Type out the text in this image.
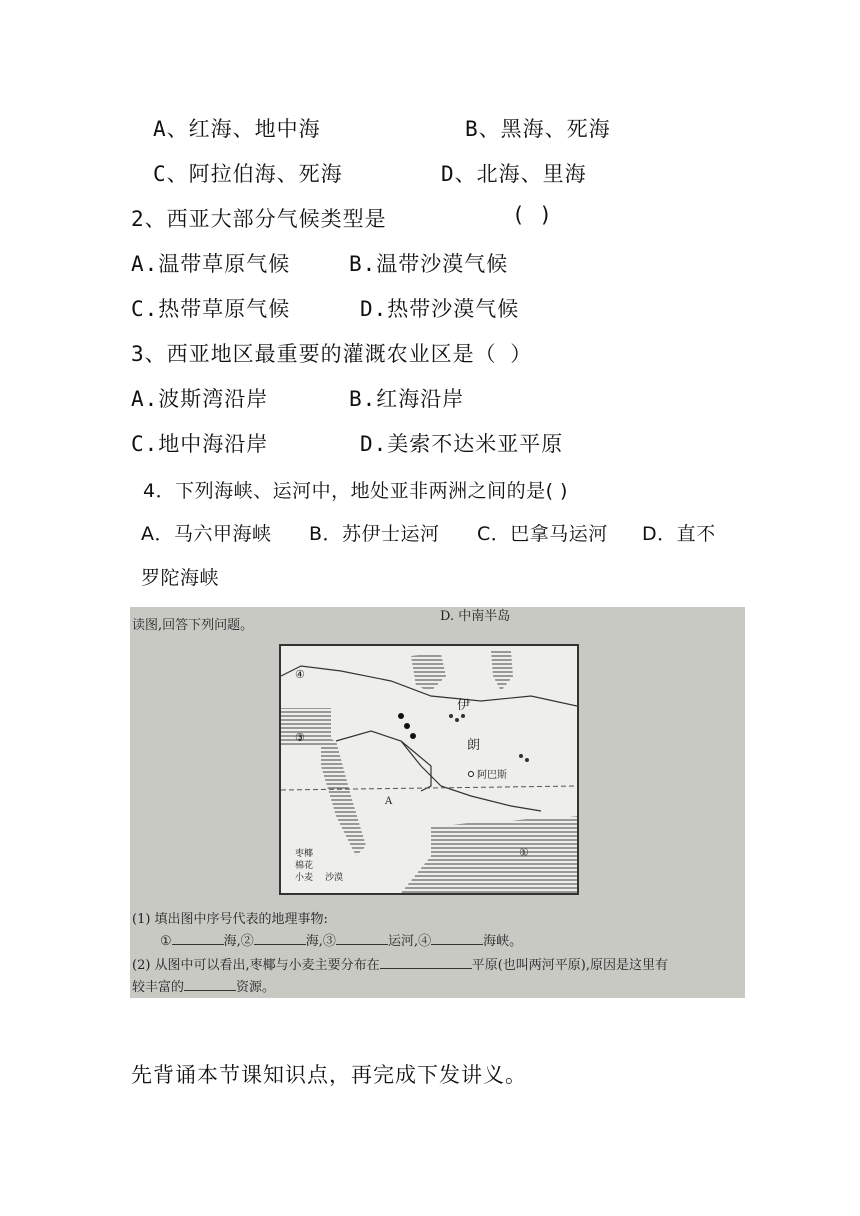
A、红海、地中海	B、黑海、死海
C、阿拉伯海、死海	D、北海、里海
2、西亚大部分气候类型是	( )
A.温带草原气候	B.温带沙漠气候
C.热带草原气候	D.热带沙漠气候
3、西亚地区最重要的灌溉农业区是（ ）
A.波斯湾沿岸	B.红海沿岸
C.地中海沿岸	D.美索不达米亚平原
4．下列海峡、运河中，地处亚非两洲之间的是( )
A．马六甲海峡 B．苏伊士运河 C．巴拿马运河 D．直不
罗陀海峡
D. 中南半岛
读图,回答下列问题。
伊
朗
阿巴斯
A
①
③
④
枣椰
棉花
小麦 沙漠
(1) 填出图中序号代表的地理事物:
①	海,②	海,③	运河,④	海峡。
(2) 从图中可以看出,枣椰与小麦主要分布在	平原(也叫两河平原),原因是这里有
较丰富的	资源。
先背诵本节课知识点，再完成下发讲义。
